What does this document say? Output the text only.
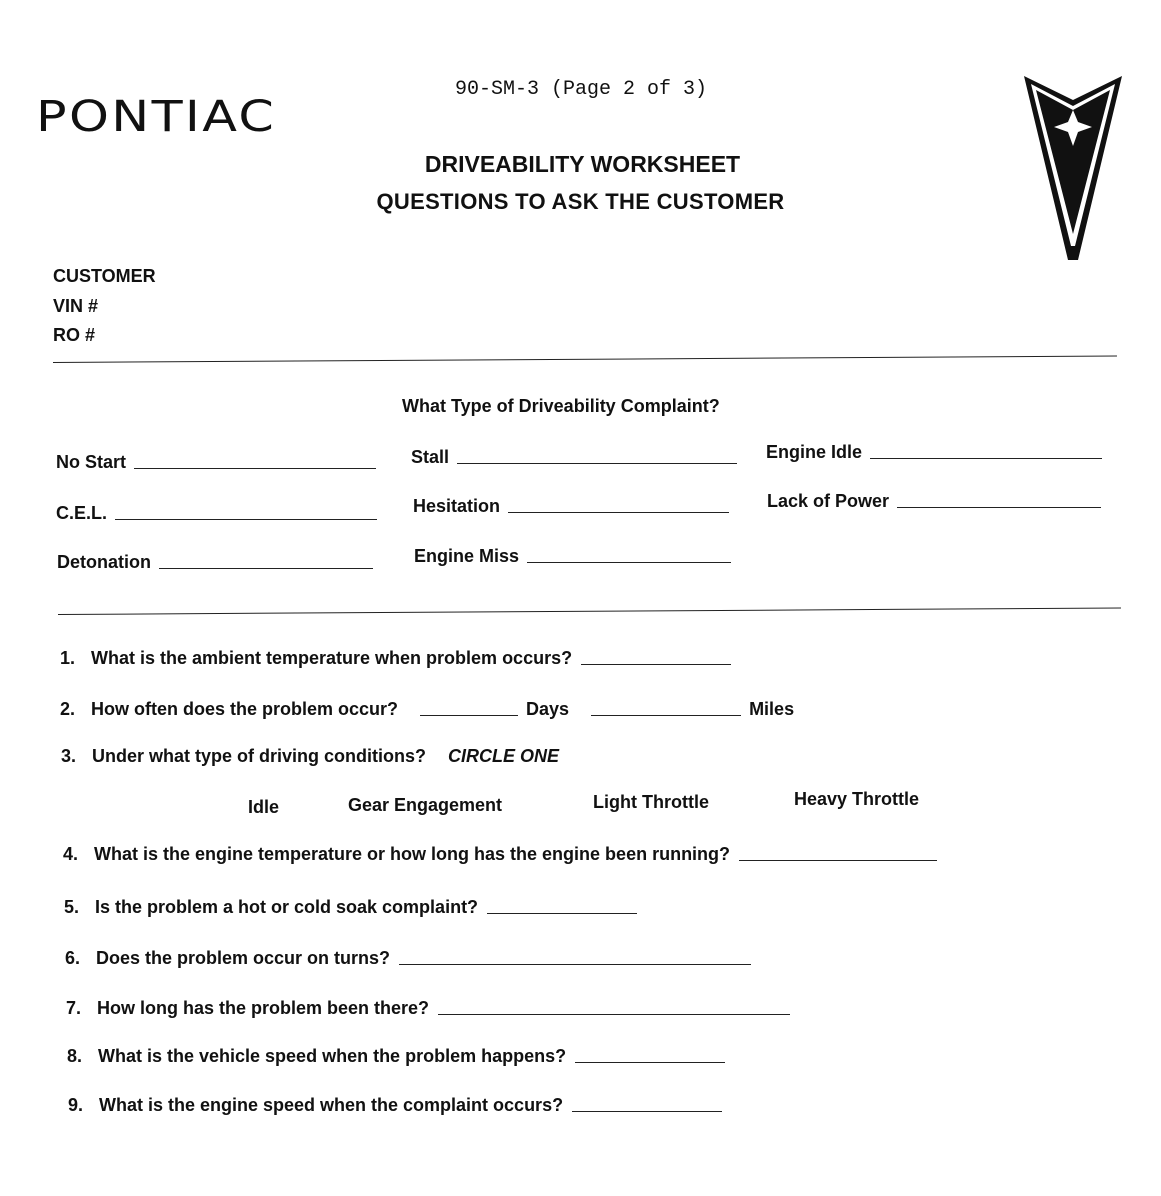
PONTIAC
90-SM-3 (Page 2 of 3)
DRIVEABILITY WORKSHEET
QUESTIONS TO ASK THE CUSTOMER
CUSTOMER
VIN #
RO #
What Type of Driveability Complaint?
No Start	Stall	Engine Idle
C.E.L.	Hesitation	Lack of Power
Detonation	Engine Miss
1. What is the ambient temperature when problem occurs?
2. How often does the problem occur?	Days	Miles
3. Under what type of driving conditions? CIRCLE ONE
Idle	Gear Engagement	Light Throttle	Heavy Throttle
4. What is the engine temperature or how long has the engine been running?
5. Is the problem a hot or cold soak complaint?
6. Does the problem occur on turns?
7. How long has the problem been there?
8. What is the vehicle speed when the problem happens?
9. What is the engine speed when the complaint occurs?
